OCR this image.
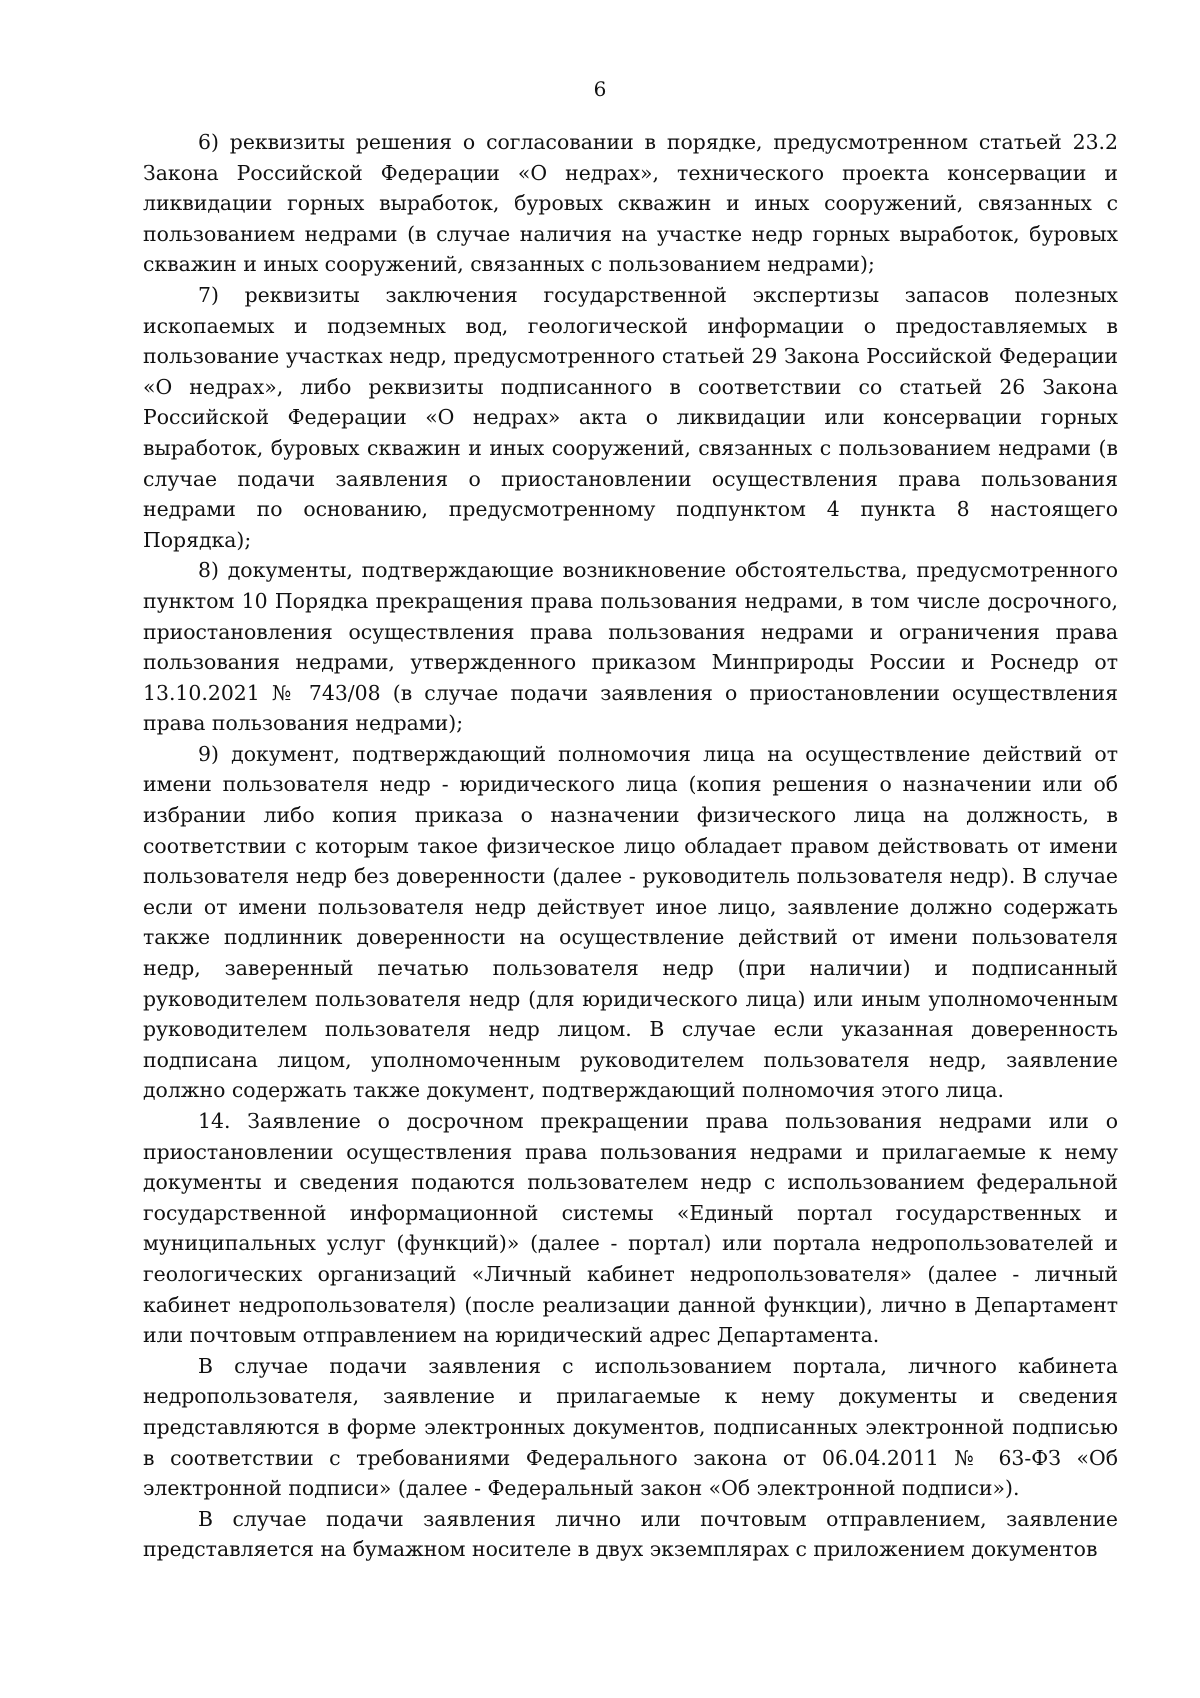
6

6) реквизиты решения о согласовании в порядке, предусмотренном статьей 23.2 Закона Российской Федерации «О недрах», технического проекта консервации и ликвидации горных выработок, буровых скважин и иных сооружений, связанных с пользованием недрами (в случае наличия на участке недр горных выработок, буровых скважин и иных сооружений, связанных с пользованием недрами);

7) реквизиты заключения государственной экспертизы запасов полезных ископаемых и подземных вод, геологической информации о предоставляемых в пользование участках недр, предусмотренного статьей 29 Закона Российской Федерации «О недрах», либо реквизиты подписанного в соответствии со статьей 26 Закона Российской Федерации «О недрах» акта о ликвидации или консервации горных выработок, буровых скважин и иных сооружений, связанных с пользованием недрами (в случае подачи заявления о приостановлении осуществления права пользования недрами по основанию, предусмотренному подпунктом 4 пункта 8 настоящего Порядка);

8) документы, подтверждающие возникновение обстоятельства, предусмотренного пунктом 10 Порядка прекращения права пользования недрами, в том числе досрочного, приостановления осуществления права пользования недрами и ограничения права пользования недрами, утвержденного приказом Минприроды России и Роснедр от 13.10.2021 № 743/08 (в случае подачи заявления о приостановлении осуществления права пользования недрами);

9) документ, подтверждающий полномочия лица на осуществление действий от имени пользователя недр - юридического лица (копия решения о назначении или об избрании либо копия приказа о назначении физического лица на должность, в соответствии с которым такое физическое лицо обладает правом действовать от имени пользователя недр без доверенности (далее - руководитель пользователя недр). В случае если от имени пользователя недр действует иное лицо, заявление должно содержать также подлинник доверенности на осуществление действий от имени пользователя недр, заверенный печатью пользователя недр (при наличии) и подписанный руководителем пользователя недр (для юридического лица) или иным уполномоченным руководителем пользователя недр лицом. В случае если указанная доверенность подписана лицом, уполномоченным руководителем пользователя недр, заявление должно содержать также документ, подтверждающий полномочия этого лица.

14. Заявление о досрочном прекращении права пользования недрами или о приостановлении осуществления права пользования недрами и прилагаемые к нему документы и сведения подаются пользователем недр с использованием федеральной государственной информационной системы «Единый портал государственных и муниципальных услуг (функций)» (далее - портал) или портала недропользователей и геологических организаций «Личный кабинет недропользователя» (далее - личный кабинет недропользователя) (после реализации данной функции), лично в Департамент или почтовым отправлением на юридический адрес Департамента.

В случае подачи заявления с использованием портала, личного кабинета недропользователя, заявление и прилагаемые к нему документы и сведения представляются в форме электронных документов, подписанных электронной подписью в соответствии с требованиями Федерального закона от 06.04.2011 № 63-ФЗ «Об электронной подписи» (далее - Федеральный закон «Об электронной подписи»).

В случае подачи заявления лично или почтовым отправлением, заявление представляется на бумажном носителе в двух экземплярах с приложением документов
